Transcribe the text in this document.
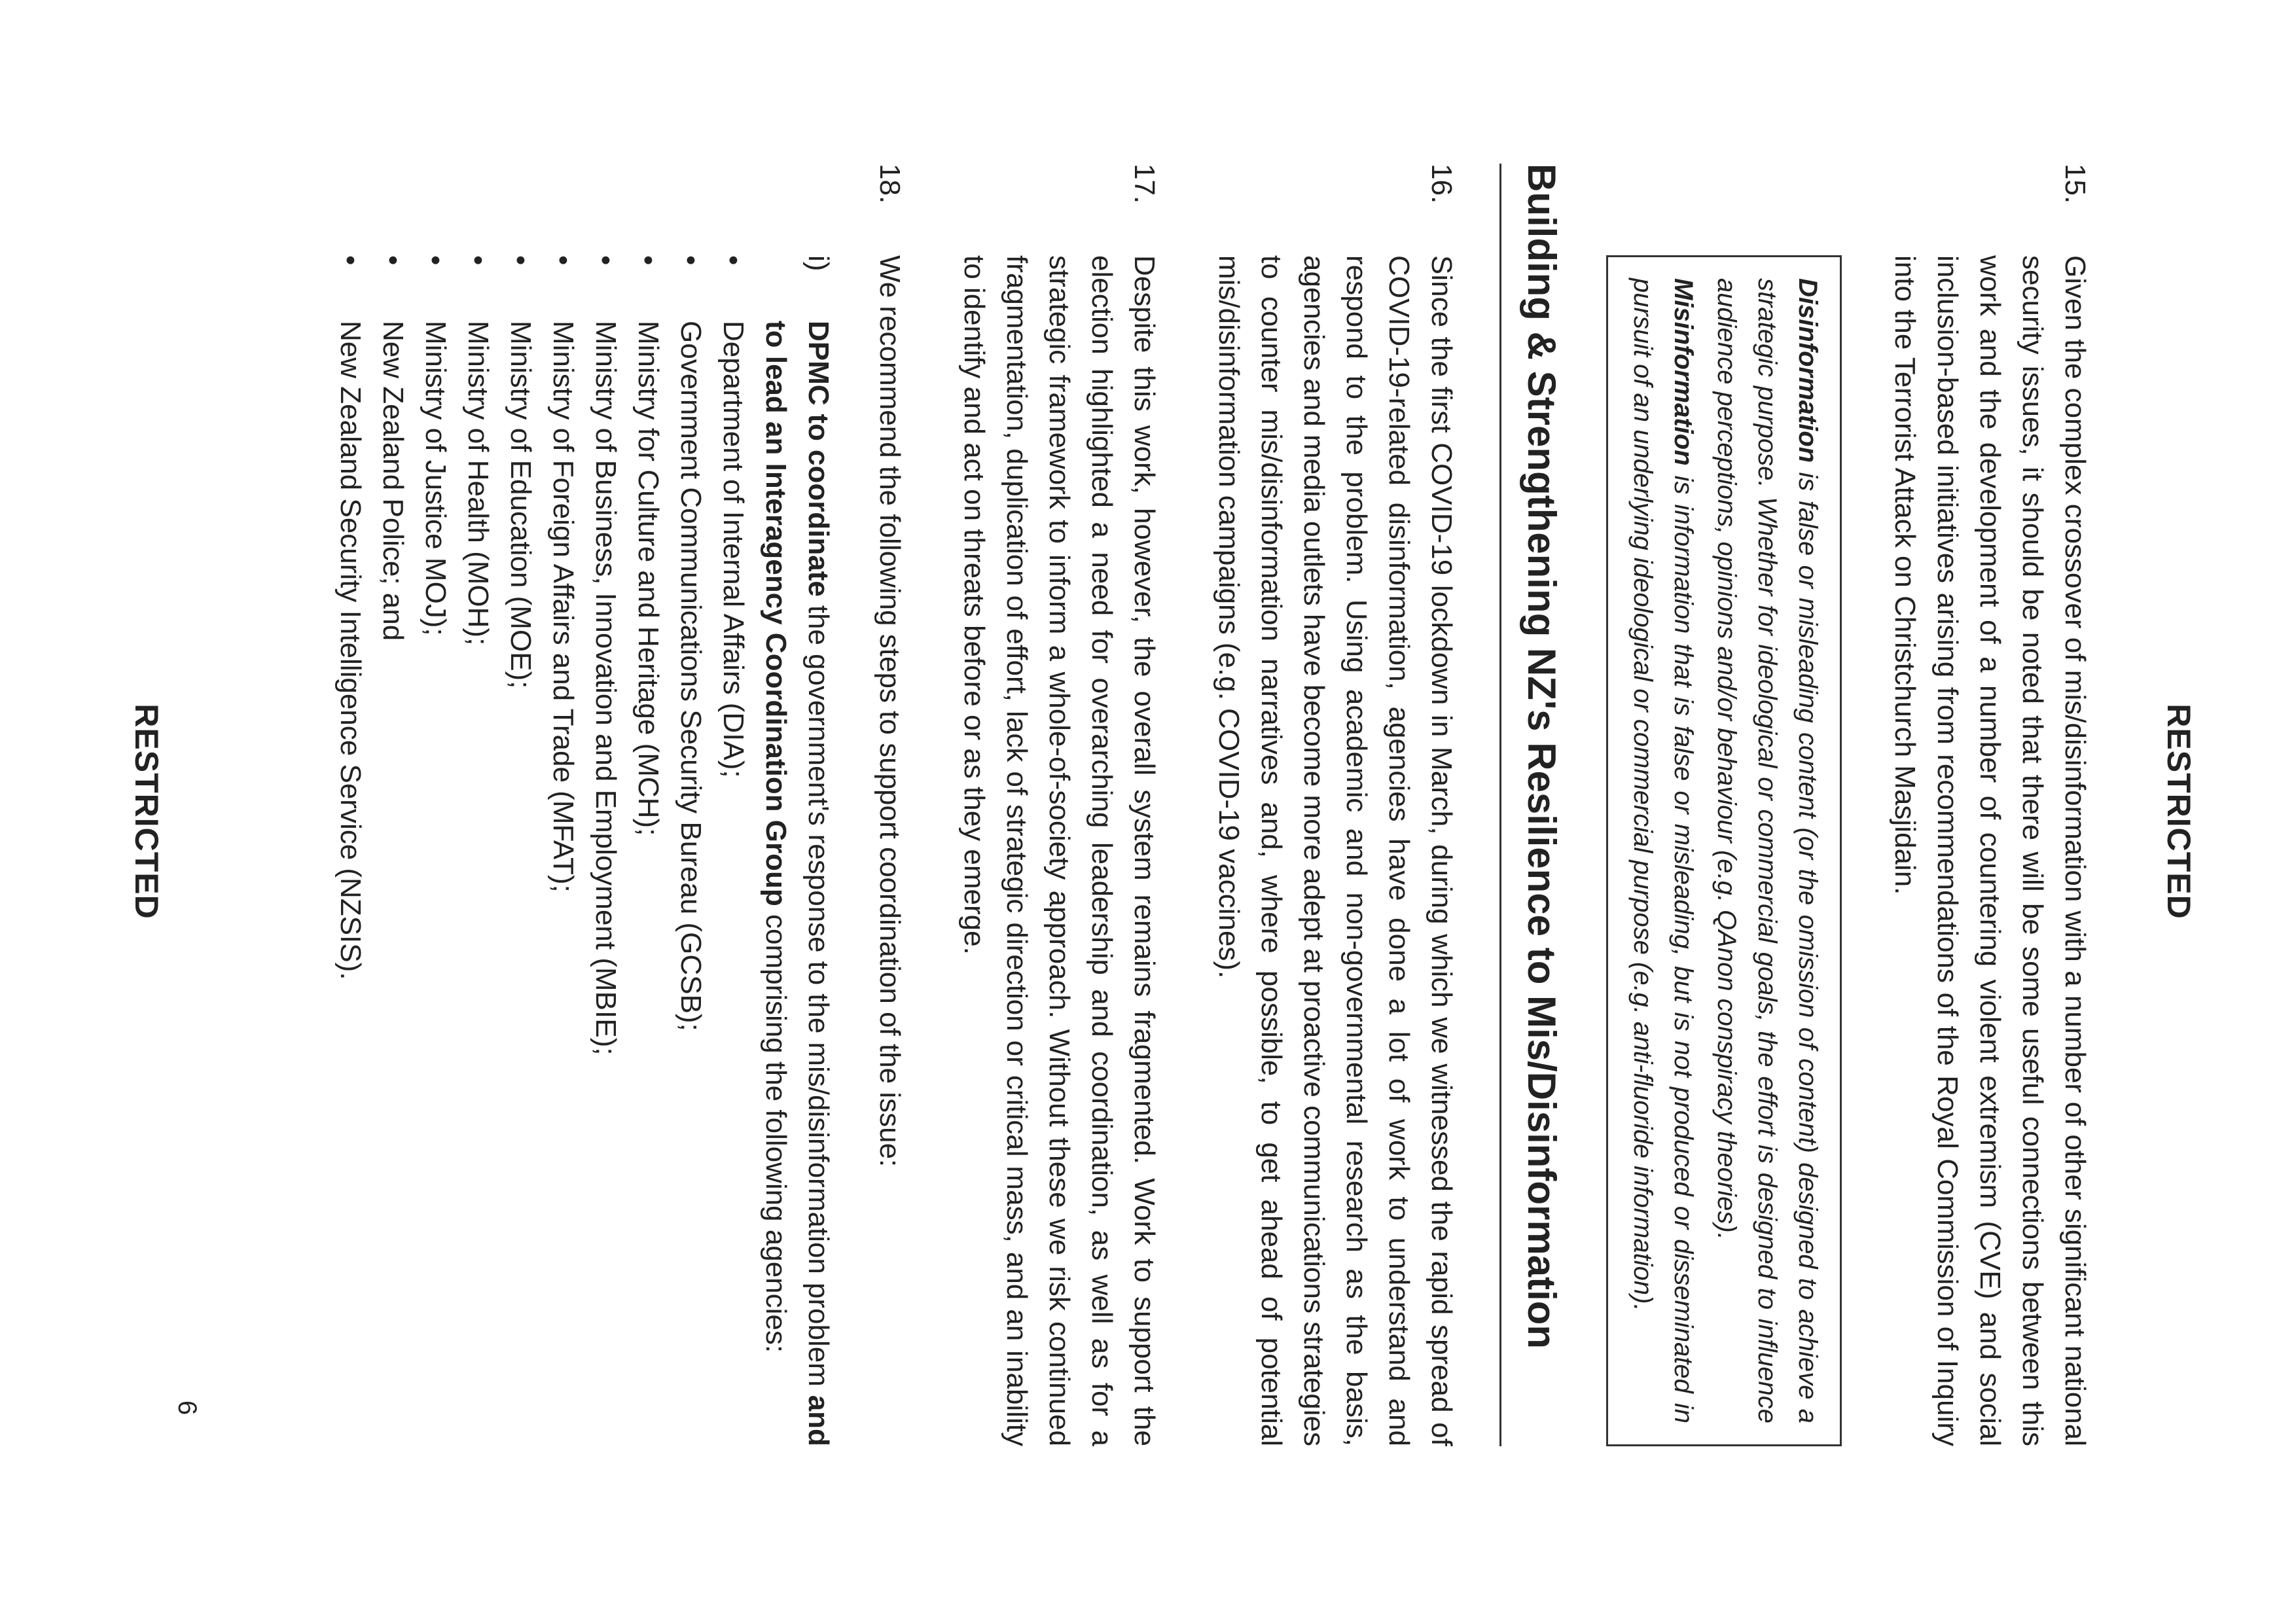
RESTRICTED
15.
Given the complex crossover of mis/disinformation with a number of other significant national security issues, it should be noted that there will be some useful connections between this work and the development of a number of countering violent extremism (CVE) and social inclusion-based initiatives arising from recommendations of the Royal Commission of Inquiry into the Terrorist Attack on Christchurch Masjidain.

Disinformation is false or misleading content (or the omission of content) designed to achieve a strategic purpose. Whether for ideological or commercial goals, the effort is designed to influence audience perceptions, opinions and/or behaviour (e.g. QAnon conspiracy theories).

Misinformation is information that is false or misleading, but is not produced or disseminated in pursuit of an underlying ideological or commercial purpose (e.g. anti-fluoride information).

Building & Strengthening NZ's Resilience to Mis/Disinformation
16.
Since the first COVID-19 lockdown in March, during which we witnessed the rapid spread of COVID-19-related disinformation, agencies have done a lot of work to understand and respond to the problem. Using academic and non-governmental research as the basis, agencies and media outlets have become more adept at proactive communications strategies to counter mis/disinformation narratives and, where possible, to get ahead of potential mis/disinformation campaigns (e.g. COVID-19 vaccines).
17.
Despite this work, however, the overall system remains fragmented. Work to support the election highlighted a need for overarching leadership and coordination, as well as for a strategic framework to inform a whole-of-society approach. Without these we risk continued fragmentation, duplication of effort, lack of strategic direction or critical mass, and an inability to identify and act on threats before or as they emerge.
18.
We recommend the following steps to support coordination of the issue:
i)
DPMC to coordinate the government's response to the mis/disinformation problem and to lead an Interagency Coordination Group comprising the following agencies:
• Department of Internal Affairs (DIA);
• Government Communications Security Bureau (GCSB);
• Ministry for Culture and Heritage (MCH);
• Ministry of Business, Innovation and Employment (MBIE);
• Ministry of Foreign Affairs and Trade (MFAT);
• Ministry of Education (MOE);
• Ministry of Health (MOH);
• Ministry of Justice MOJ);
• New Zealand Police; and
• New Zealand Security Intelligence Service (NZSIS).
6
RESTRICTED
